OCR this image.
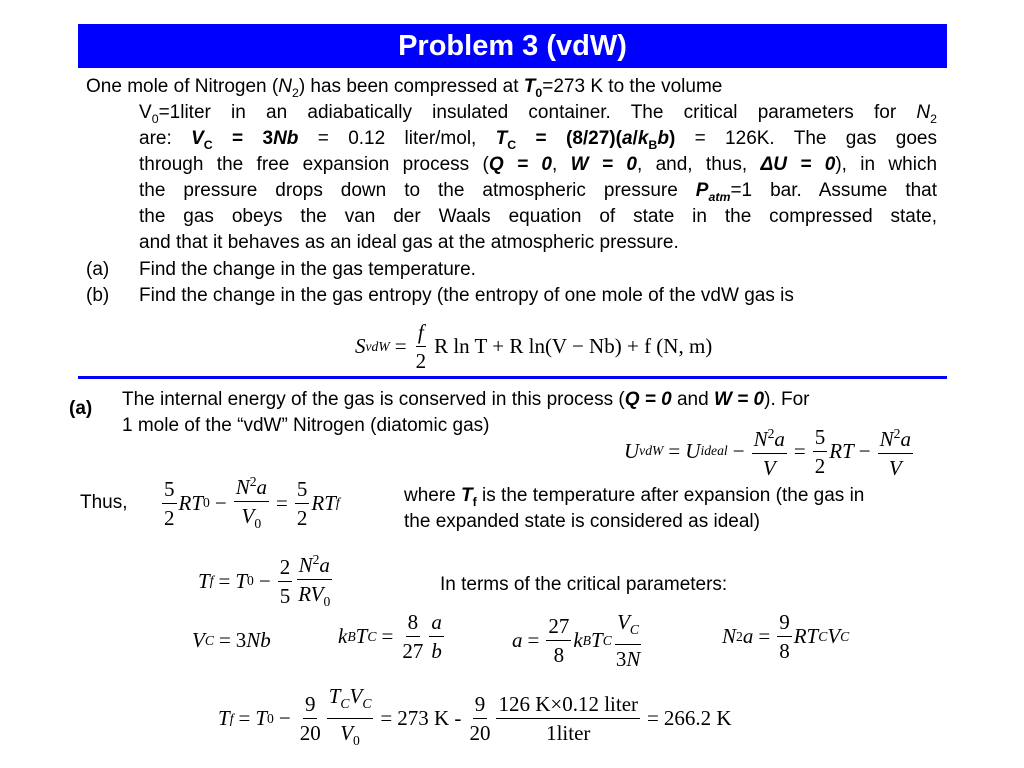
Problem 3 (vdW)
One mole of Nitrogen $(N_2)$ has been compressed at $T_0=273$ K to the volume
$V_0=1liter$ in an adiabatically insulated container. The critical parameters for $N_2$
are: $V_C = 3Nb = 0.12$ liter/mol, $T_C = (8/27)(a/k_Bb) = 126K$. The gas goes
through the free expansion process (Q = 0, W = 0, and, thus, ΔU = 0), in which
the pressure drops down to the atmospheric pressure $P_{atm}=1$ bar. Assume that
the gas obeys the van der Waals equation of state in the compressed state,
and that it behaves as an ideal gas at the atmospheric pressure.
(a) Find the change in the gas temperature.
(b) Find the change in the gas entropy (the entropy of one mole of the vdW gas is
S vdW = $\frac{f}{2}$ R ln T + R ln(V − Nb) + f (N, m)
(a) The internal energy of the gas is conserved in this process (Q = 0 and W = 0). For
1 mole of the “vdW” Nitrogen (diatomic gas)
U vdW = U ideal − $\frac{N^2a}{V} = \frac{5}{2}$ RT − $\frac{N^2a}{V}$
Thus, $\frac{5}{2}$ RT $0 - \frac{N^2a}{V_0} = \frac{5}{2}$ RT f	where $T_f$ is the temperature after expansion (the gas in
the expanded state is considered as ideal)
T f = T $0 - \frac{2}{5} \frac{N^2a}{RV_0}$	In terms of the critical parameters:
V C = 3 Nb	k B T $C = \frac{8}{27} \frac{a}{b}$	$a = \frac{27}{8}$ k B T C $\frac{V_C}{3N}$	N 2 $a = \frac{9}{8}$ RT C V C
T f = T $0 - \frac{9}{20} \frac{T_CV_C}{V_0} = 273$ $K - \frac{9}{20} \frac{\text{126 K×0.12 liter}}{\text{1liter}} = 266.2$ K
